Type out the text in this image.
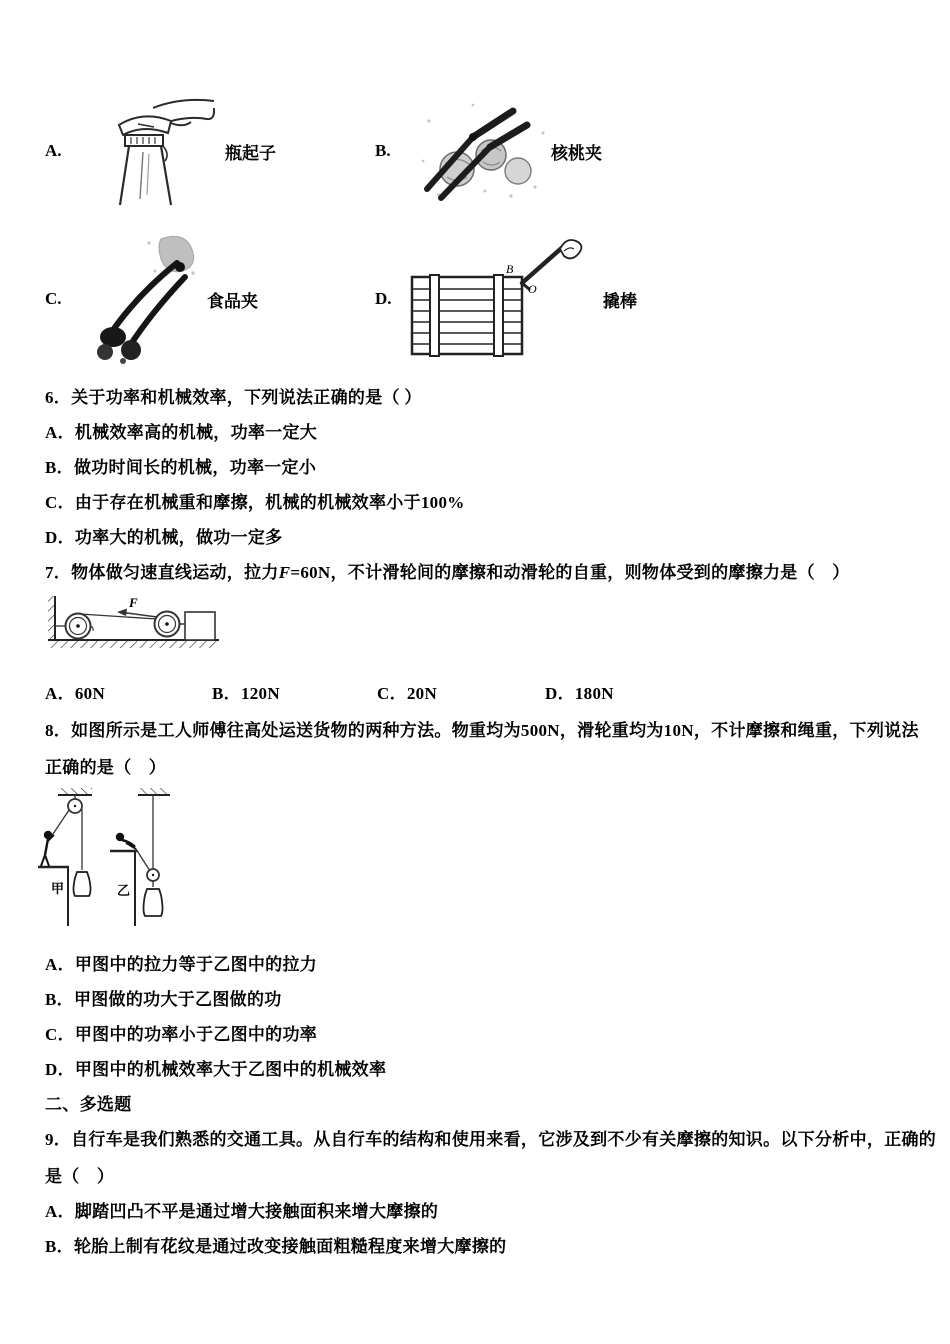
A.	瓶起子	B.	核桃夹
C.	食品夹	D.
B
O
撬棒

6．关于功率和机械效率，下列说法正确的是（ ）

A．机械效率高的机械，功率一定大

B．做功时间长的机械，功率一定小

C．由于存在机械重和摩擦，机械的机械效率小于100%

D．功率大的机械，做功一定多

7．物体做匀速直线运动，拉力F=60N，不计滑轮间的摩擦和动滑轮的自重，则物体受到的摩擦力是（　）

F

A．60N	B．120N	C．20N	D．180N

8．如图所示是工人师傅往高处运送货物的两种方法。物重均为500N，滑轮重均为10N，不计摩擦和绳重，下列说法
正确的是（　）

甲	乙

A．甲图中的拉力等于乙图中的拉力

B．甲图做的功大于乙图做的功

C．甲图中的功率小于乙图中的功率

D．甲图中的机械效率大于乙图中的机械效率

二、多选题

9．自行车是我们熟悉的交通工具。从自行车的结构和使用来看，它涉及到不少有关摩擦的知识。以下分析中，正确的
是（　）

A．脚踏凹凸不平是通过增大接触面积来增大摩擦的

B．轮胎上制有花纹是通过改变接触面粗糙程度来增大摩擦的
